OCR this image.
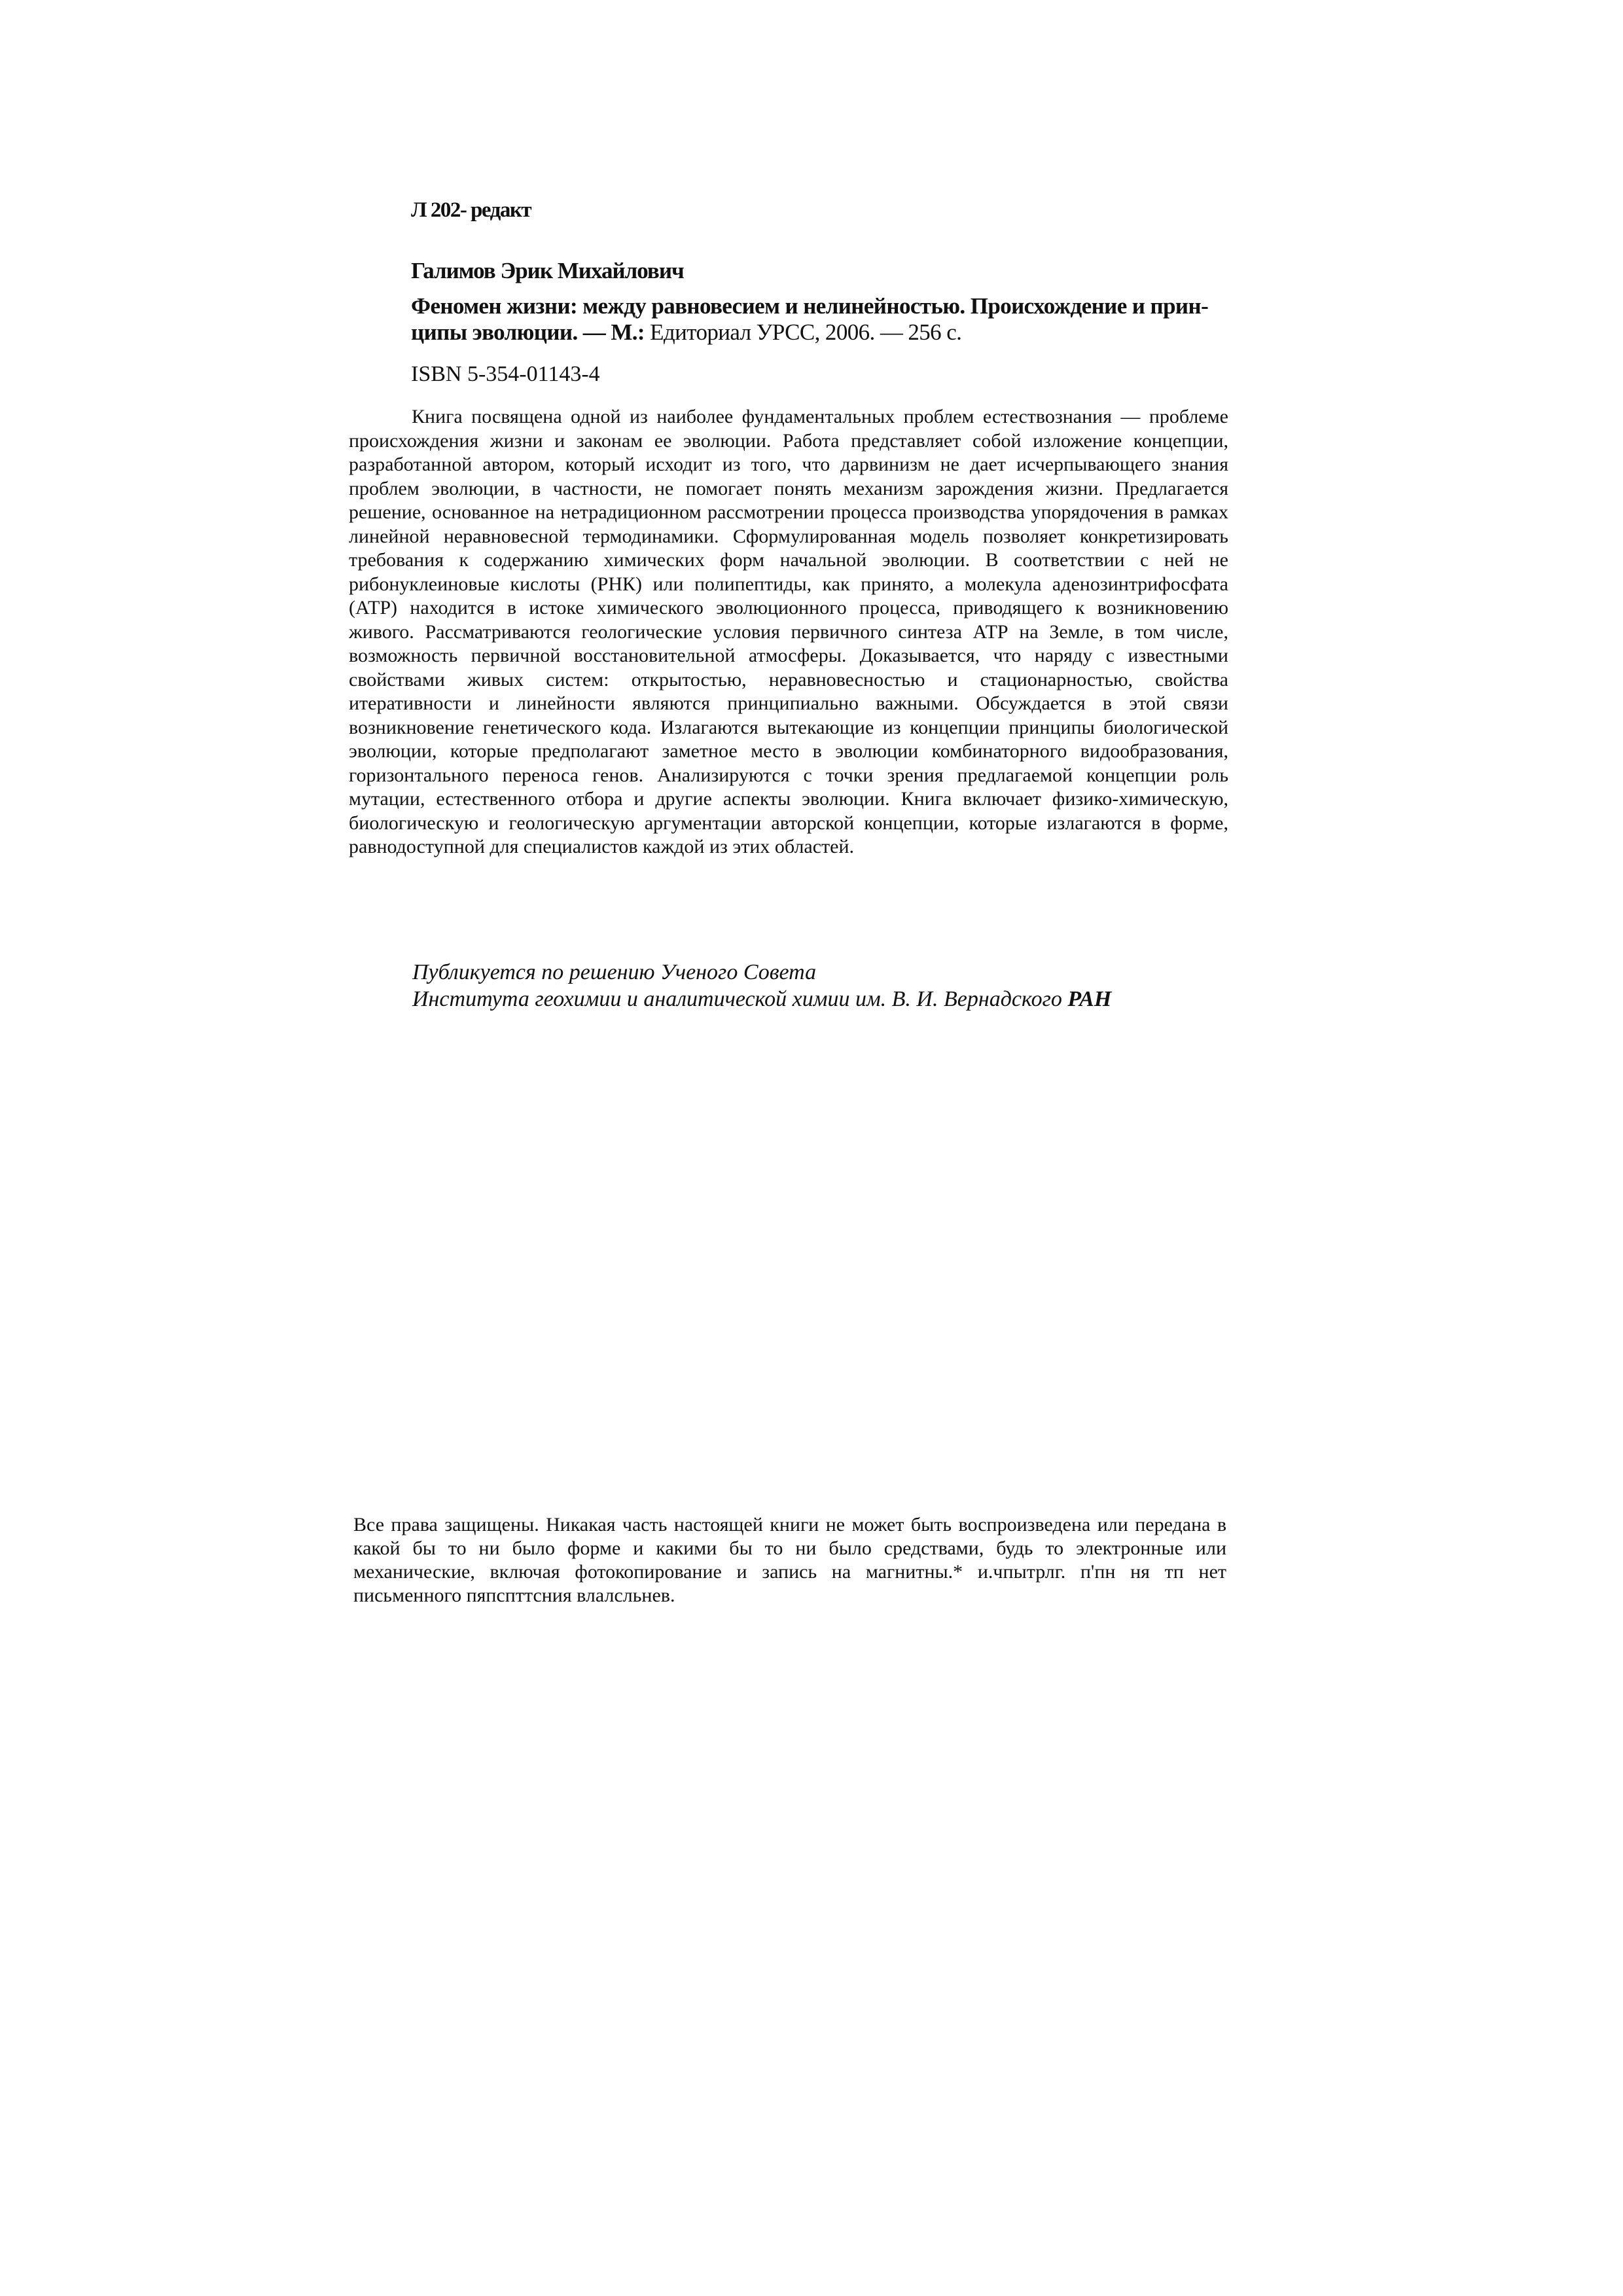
Л 202- редакт
Галимов Эрик Михайлович
Феномен жизни: между равновесием и нелинейностью. Происхождение и принципы эволюции. — М.: Едиториал УРСС, 2006. — 256 с.
ISBN 5-354-01143-4

Книга посвящена одной из наиболее фундаментальных проблем естествознания — проблеме происхождения жизни и законам ее эволюции. Работа представляет собой изложение концепции, разработанной автором, который исходит из того, что дарвинизм не дает исчерпывающего знания проблем эволюции, в частности, не помогает понять механизм зарождения жизни. Предлагается решение, основанное на нетрадиционном рассмотрении процесса производства упорядочения в рамках линейной неравновесной термодинамики. Сформулированная модель позволяет конкретизировать требования к содержанию химических форм начальной эволюции. В соответствии с ней не рибонуклеиновые кислоты (РНК) или полипептиды, как принято, а молекула аденозинтрифосфата (АТР) находится в истоке химического эволюционного процесса, приводящего к возникновению живого. Рассматриваются геологические условия первичного синтеза АТР на Земле, в том числе, возможность первичной восстановительной атмосферы. Доказывается, что наряду с известными свойствами живых систем: открытостью, неравновесностью и стационарностью, свойства итеративности и линейности являются принципиально важными. Обсуждается в этой связи возникновение генетического кода. Излагаются вытекающие из концепции принципы биологической эволюции, которые предполагают заметное место в эволюции комбинаторного видообразования, горизонтального переноса генов. Анализируются с точки зрения предлагаемой концепции роль мутации, естественного отбора и другие аспекты эволюции. Книга включает физико-химическую, биологическую и геологическую аргументации авторской концепции, которые излагаются в форме, равнодоступной для специалистов каждой из этих областей.

Публикуется по решению Ученого Совета
Института геохимии и аналитической химии им. В. И. Вернадского РАН

Все права защищены. Никакая часть настоящей книги не может быть воспроизведена или передана в какой бы то ни было форме и какими бы то ни было средствами, будь то электронные или механические, включая фотокопирование и запись на магнитны.* и.чпытрлг. п'пн ня тп нет письменного пяпспттсния влалсльнев.
